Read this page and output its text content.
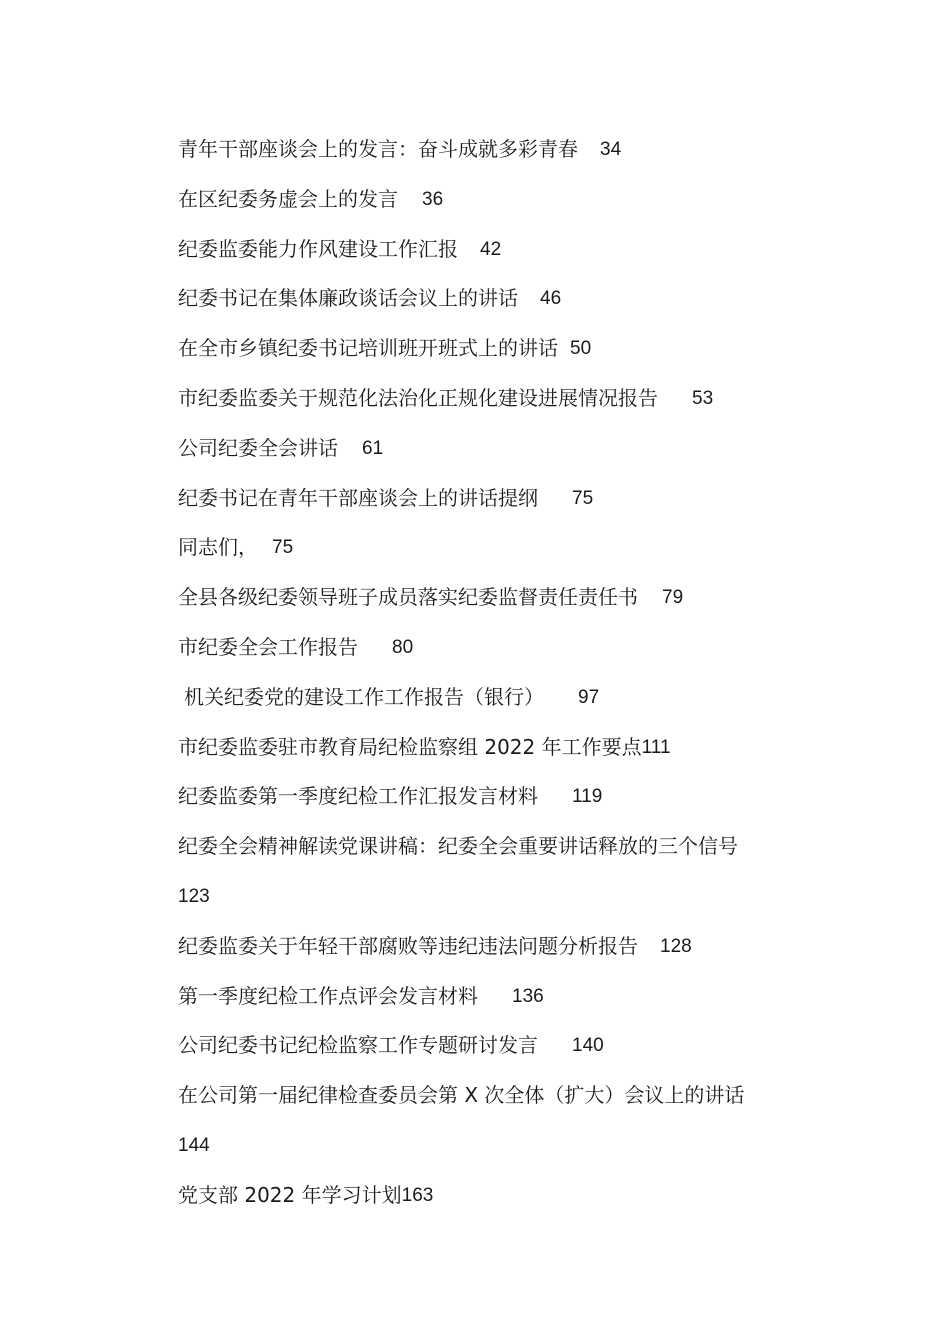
青年干部座谈会上的发言：奋斗成就多彩青春 34
在区纪委务虚会上的发言 36
纪委监委能力作风建设工作汇报 42
纪委书记在集体廉政谈话会议上的讲话 46
在全市乡镇纪委书记培训班开班式上的讲话 50
市纪委监委关于规范化法治化正规化建设进展情况报告 53
公司纪委全会讲话 61
纪委书记在青年干部座谈会上的讲话提纲 75
同志们， 75
全县各级纪委领导班子成员落实纪委监督责任责任书 79
市纪委全会工作报告 80
机关纪委党的建设工作工作报告（银行） 97
市纪委监委驻市教育局纪检监察组 2022 年工作要点 111
纪委监委第一季度纪检工作汇报发言材料 119
纪委全会精神解读党课讲稿：纪委全会重要讲话释放的三个信号
123
纪委监委关于年轻干部腐败等违纪违法问题分析报告 128
第一季度纪检工作点评会发言材料 136
公司纪委书记纪检监察工作专题研讨发言 140
在公司第一届纪律检查委员会第 X 次全体（扩大）会议上的讲话
144
党支部 2022 年学习计划 163
